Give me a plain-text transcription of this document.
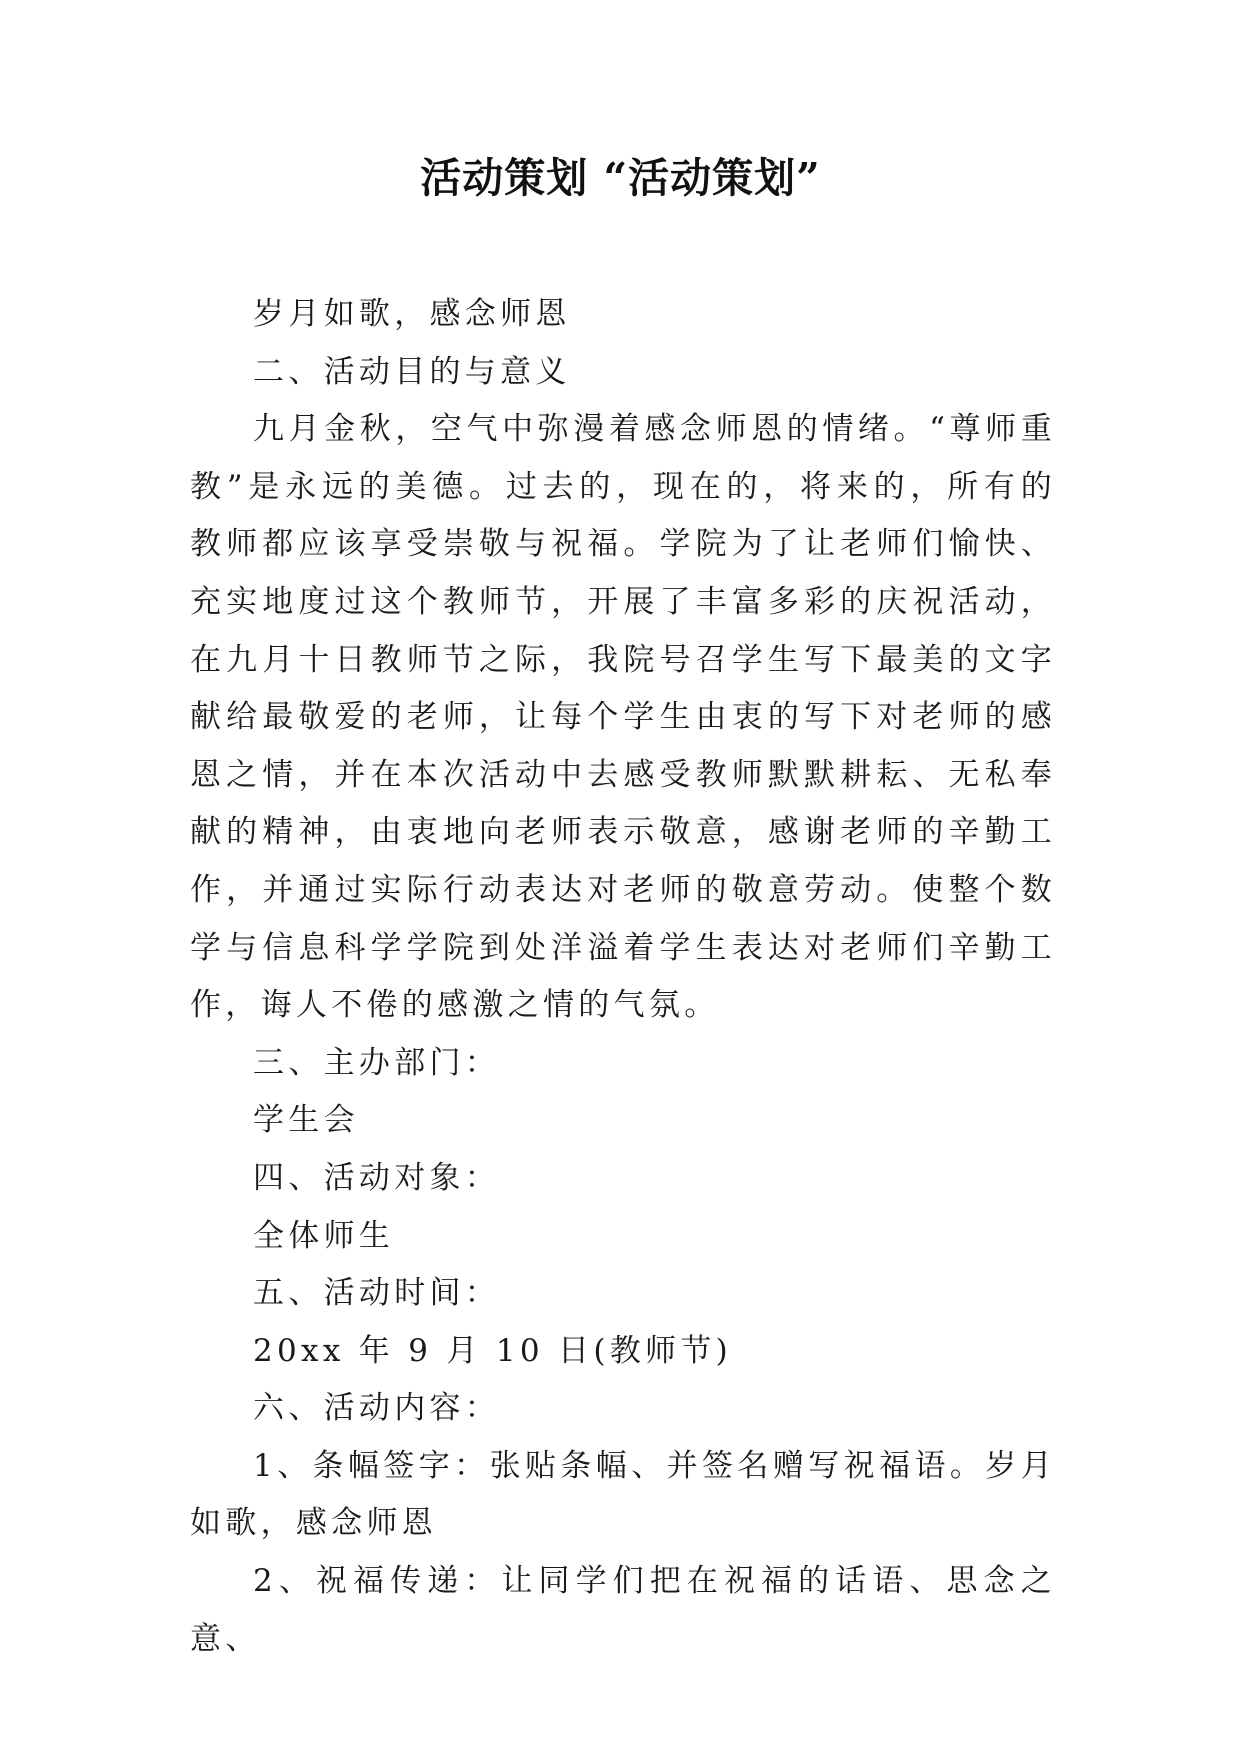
活动策划 “活动策划”

岁月如歌，感念师恩

二、活动目的与意义

九月金秋，空气中弥漫着感念师恩的情绪。“尊师重教”是永远的美德。过去的，现在的，将来的，所有的教师都应该享受崇敬与祝福。学院为了让老师们愉快、充实地度过这个教师节，开展了丰富多彩的庆祝活动，在九月十日教师节之际，我院号召学生写下最美的文字献给最敬爱的老师，让每个学生由衷的写下对老师的感恩之情，并在本次活动中去感受教师默默耕耘、无私奉献的精神，由衷地向老师表示敬意，感谢老师的辛勤工作，并通过实际行动表达对老师的敬意劳动。使整个数学与信息科学学院到处洋溢着学生表达对老师们辛勤工作，诲人不倦的感激之情的气氛。

三、主办部门：

学生会

四、活动对象：

全体师生

五、活动时间：

20xx 年 9 月 10 日(教师节)

六、活动内容：

1、条幅签字：张贴条幅、并签名赠写祝福语。岁月如歌，感念师恩

2、祝福传递：让同学们把在祝福的话语、思念之意、
